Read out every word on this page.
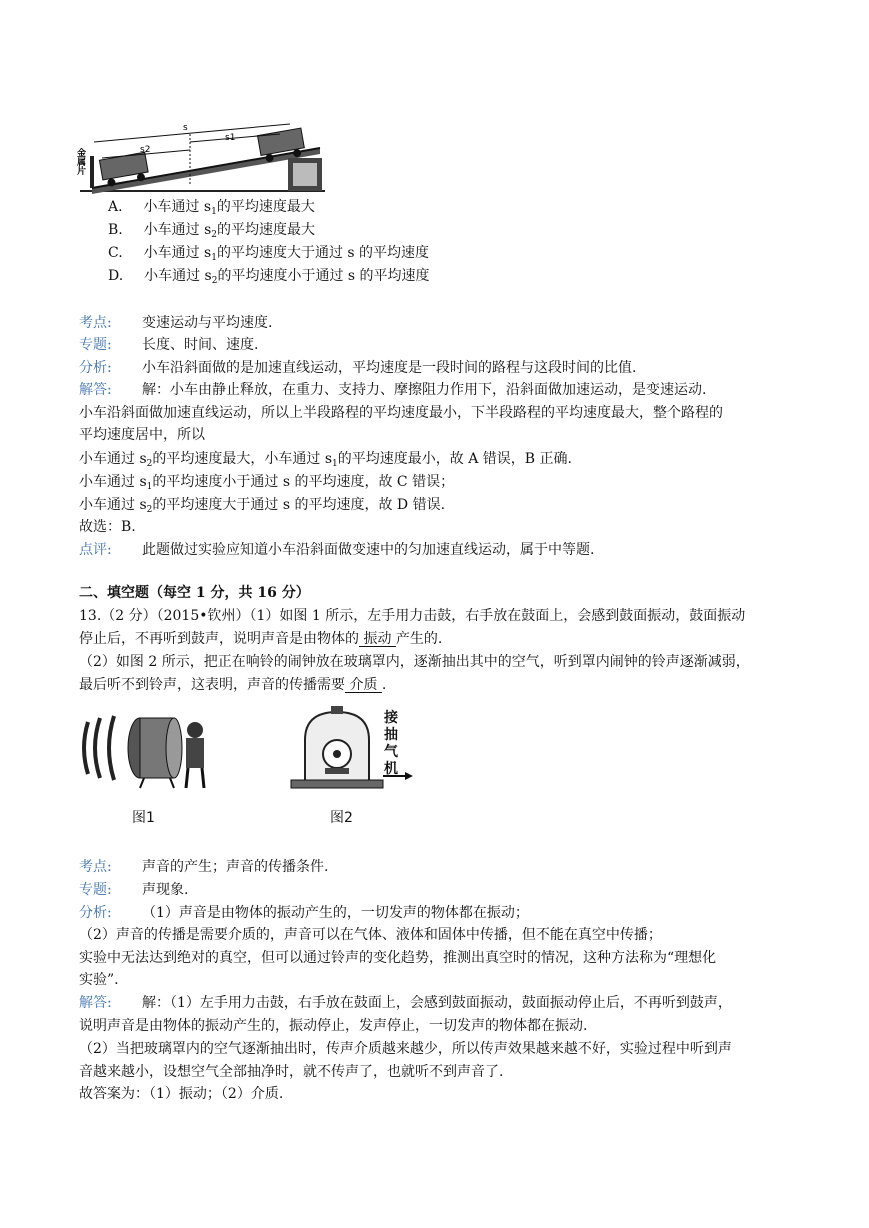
s
s2
s1
金属片
A. 小车通过 $s_1$的平均速度最大
B. 小车通过 $s_2$的平均速度最大
C. 小车通过 $s_1$的平均速度大于通过 s 的平均速度
D. 小车通过 $s_2$的平均速度小于通过 s 的平均速度
考点: 变速运动与平均速度.
专题: 长度、时间、速度.
分析: 小车沿斜面做的是加速直线运动，平均速度是一段时间的路程与这段时间的比值.
解答: 解：小车由静止释放，在重力、支持力、摩擦阻力作用下，沿斜面做加速运动，是变速运动.
小车沿斜面做加速直线运动，所以上半段路程的平均速度最小，下半段路程的平均速度最大，整个路程的
平均速度居中，所以
小车通过 $s_2$的平均速度最大，小车通过 $s_1$的平均速度最小，故 A 错误，B 正确.
小车通过 $s_1$的平均速度小于通过 s 的平均速度，故 C 错误；
小车通过 $s_2$的平均速度大于通过 s 的平均速度，故 D 错误.
故选：B.
点评: 此题做过实验应知道小车沿斜面做变速中的匀加速直线运动，属于中等题.
二、填空题（每空 1 分，共 16 分）
13.（2 分）（2015•钦州）（1）如图 1 所示，左手用力击鼓，右手放在鼓面上，会感到鼓面振动，鼓面振动
停止后，不再听到鼓声，说明声音是由物体的 振动 产生的.
（2）如图 2 所示，把正在响铃的闹钟放在玻璃罩内，逐渐抽出其中的空气，听到罩内闹钟的铃声逐渐减弱，
最后听不到铃声，这表明，声音的传播需要 介质 .
图1
接
抽
气
机
图2
考点: 声音的产生；声音的传播条件.
专题: 声现象.
分析: （1）声音是由物体的振动产生的，一切发声的物体都在振动；
（2）声音的传播是需要介质的，声音可以在气体、液体和固体中传播，但不能在真空中传播；
实验中无法达到绝对的真空，但可以通过铃声的变化趋势，推测出真空时的情况，这种方法称为“理想化
实验”.
解答: 解：（1）左手用力击鼓，右手放在鼓面上，会感到鼓面振动，鼓面振动停止后，不再听到鼓声，
说明声音是由物体的振动产生的，振动停止，发声停止，一切发声的物体都在振动.
（2）当把玻璃罩内的空气逐渐抽出时，传声介质越来越少，所以传声效果越来越不好，实验过程中听到声
音越来越小，设想空气全部抽净时，就不传声了，也就听不到声音了.
故答案为：（1）振动；（2）介质.
